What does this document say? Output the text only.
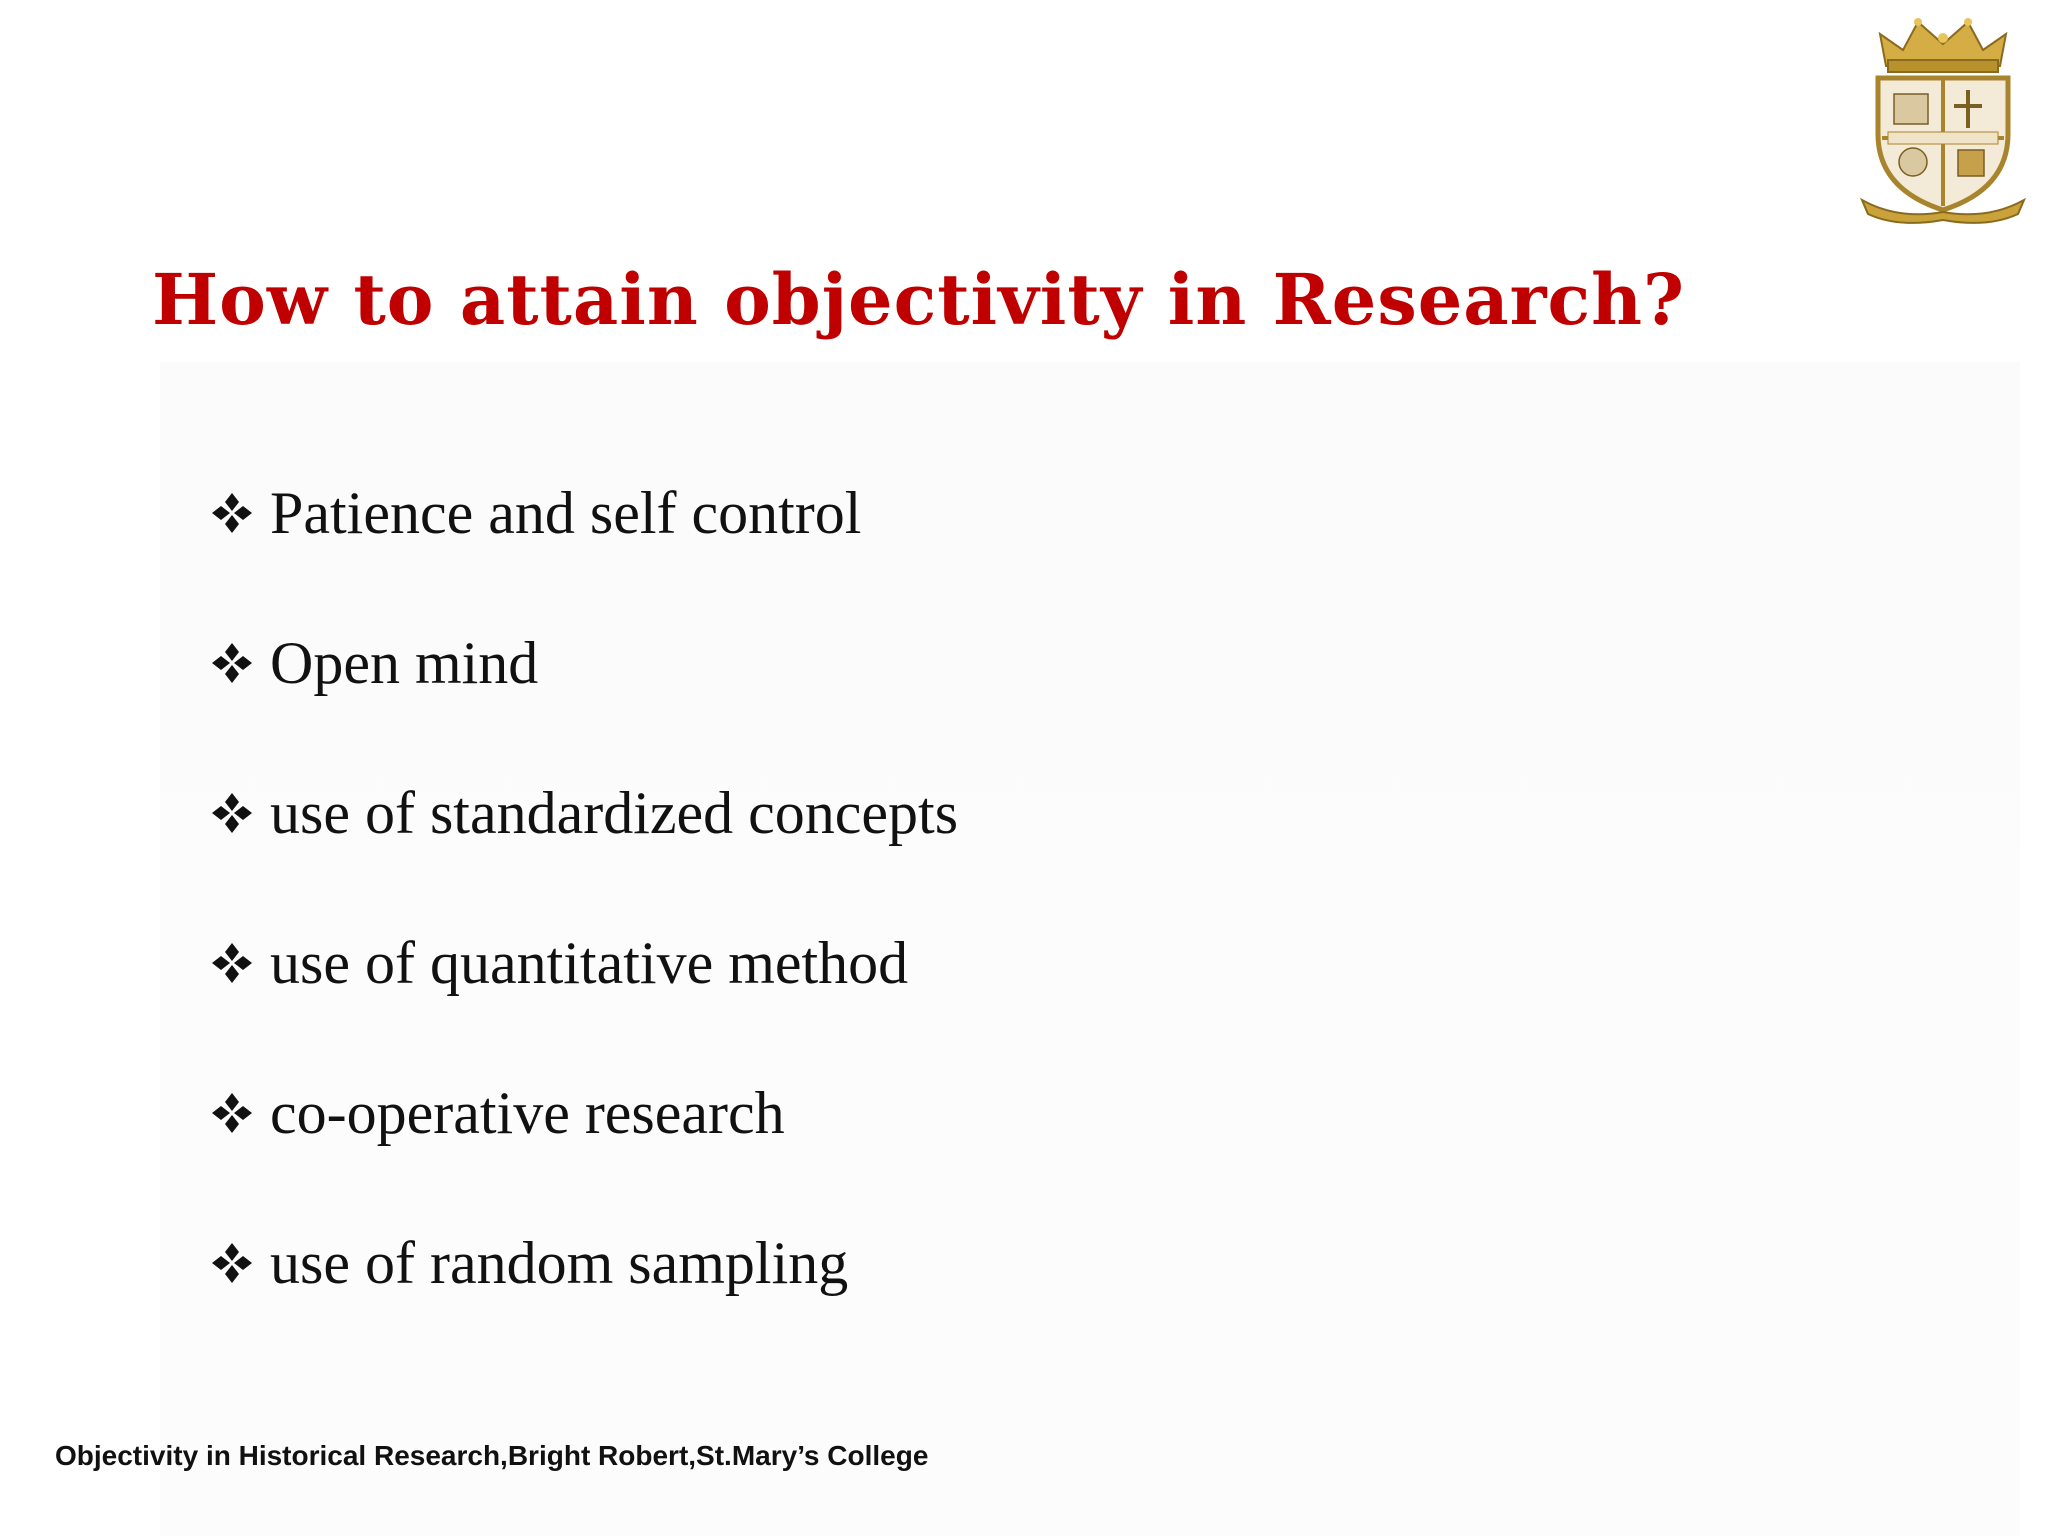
How to attain objectivity in Research?
Patience and self control
Open mind
use of standardized concepts
use of quantitative method
co-operative research
use of random sampling
Objectivity in Historical Research,Bright Robert,St.Mary’s College
